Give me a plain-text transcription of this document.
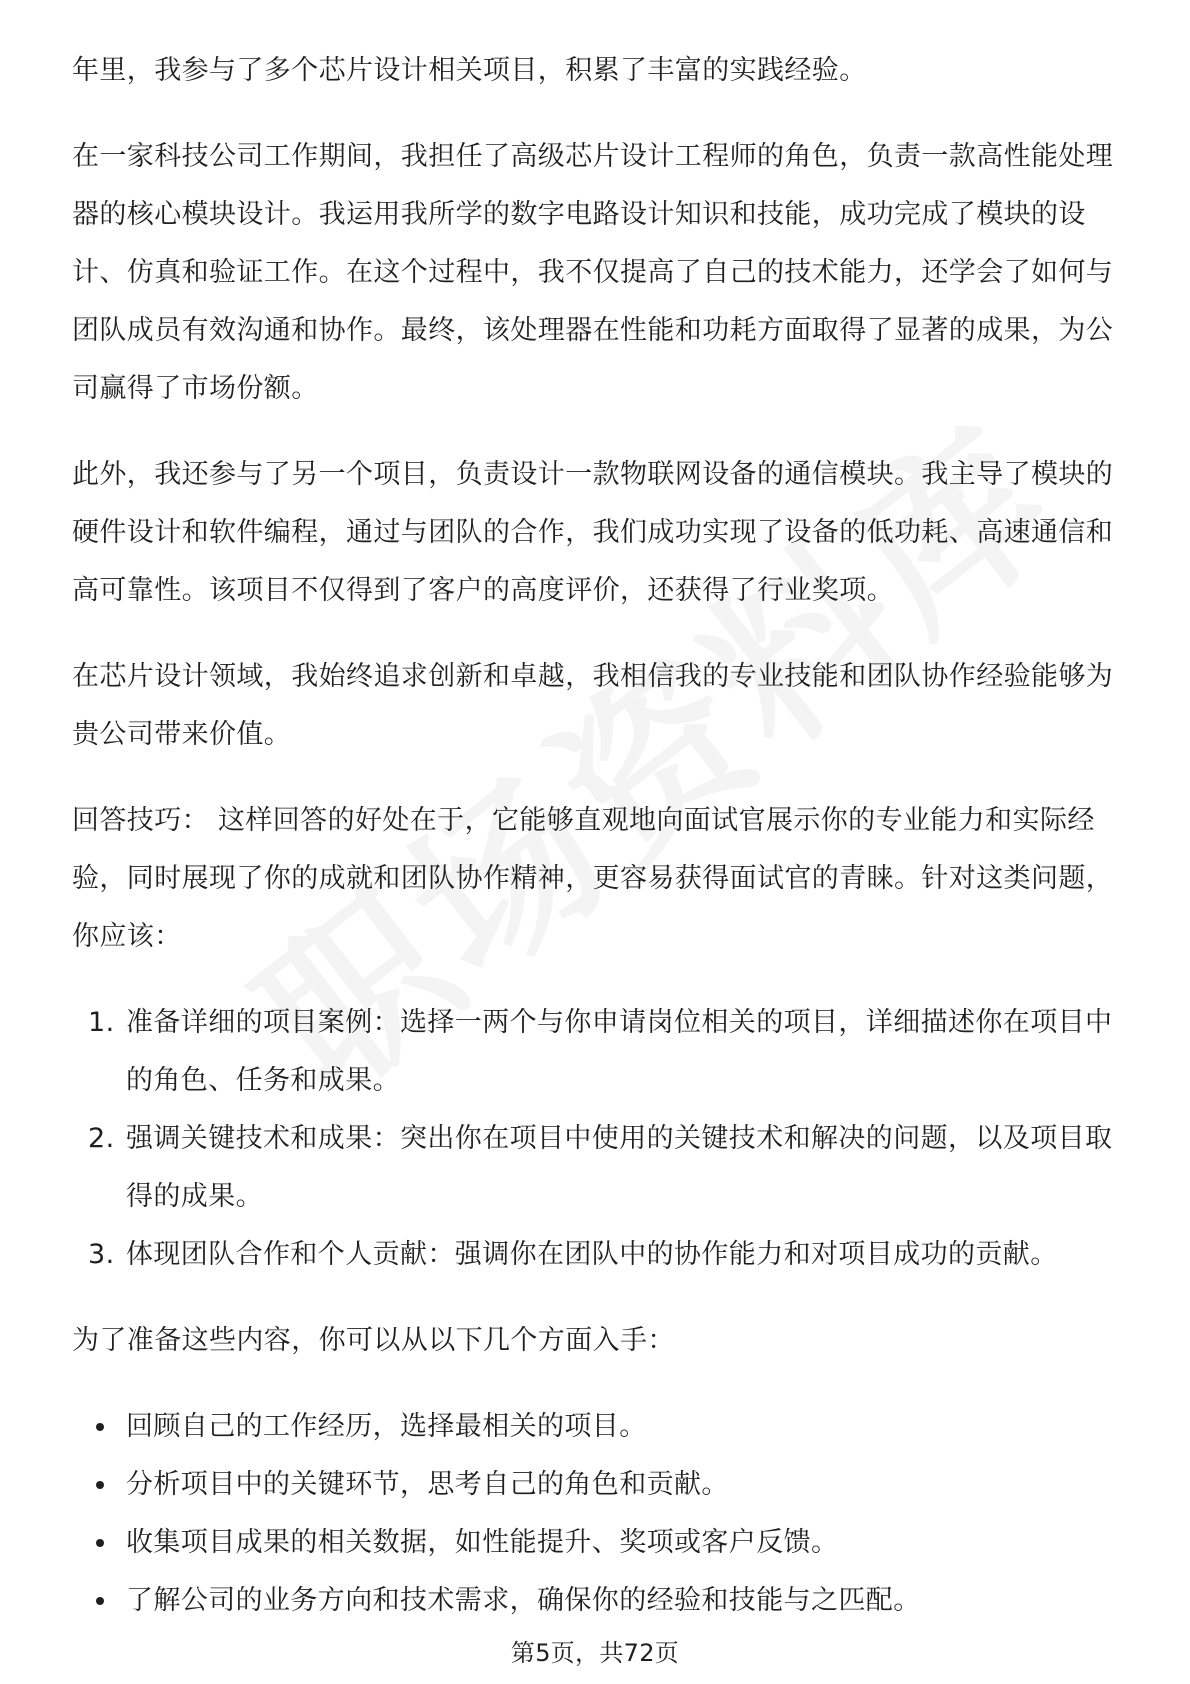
年里，我参与了多个芯片设计相关项目，积累了丰富的实践经验。

在一家科技公司工作期间，我担任了高级芯片设计工程师的角色，负责一款高性能处理器的核心模块设计。我运用我所学的数字电路设计知识和技能，成功完成了模块的设计、仿真和验证工作。在这个过程中，我不仅提高了自己的技术能力，还学会了如何与团队成员有效沟通和协作。最终，该处理器在性能和功耗方面取得了显著的成果，为公司赢得了市场份额。

此外，我还参与了另一个项目，负责设计一款物联网设备的通信模块。我主导了模块的硬件设计和软件编程，通过与团队的合作，我们成功实现了设备的低功耗、高速通信和高可靠性。该项目不仅得到了客户的高度评价，还获得了行业奖项。

在芯片设计领域，我始终追求创新和卓越，我相信我的专业技能和团队协作经验能够为贵公司带来价值。

回答技巧： 这样回答的好处在于，它能够直观地向面试官展示你的专业能力和实际经验，同时展现了你的成就和团队协作精神，更容易获得面试官的青睐。针对这类问题，你应该：

1. 准备详细的项目案例：选择一两个与你申请岗位相关的项目，详细描述你在项目中的角色、任务和成果。
2. 强调关键技术和成果：突出你在项目中使用的关键技术和解决的问题，以及项目取得的成果。
3. 体现团队合作和个人贡献：强调你在团队中的协作能力和对项目成功的贡献。

为了准备这些内容，你可以从以下几个方面入手：

回顾自己的工作经历，选择最相关的项目。
分析项目中的关键环节，思考自己的角色和贡献。
收集项目成果的相关数据，如性能提升、奖项或客户反馈。
了解公司的业务方向和技术需求，确保你的经验和技能与之匹配。
第5页，共72页
